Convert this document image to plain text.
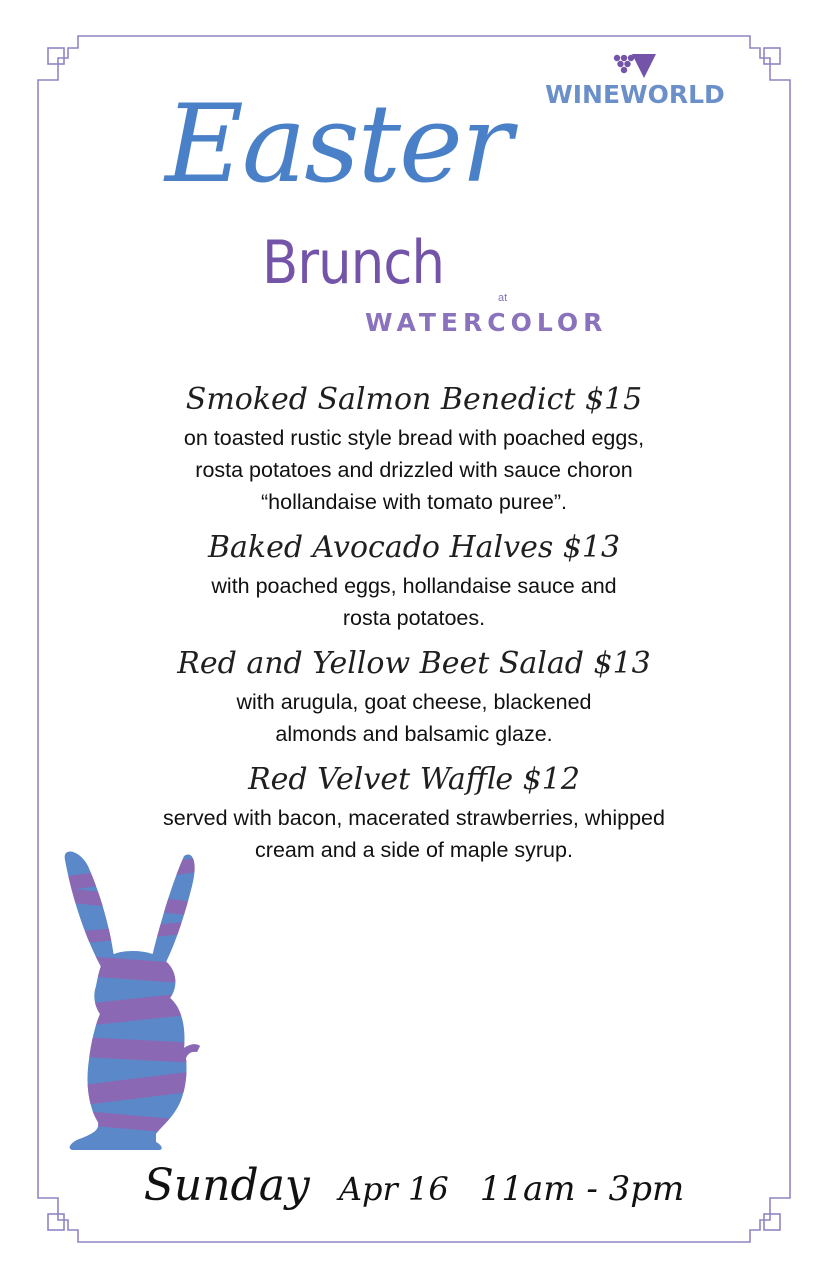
WINEWORLD
Easter
Brunch	at
WATERCOLOR

Smoked Salmon Benedict $15

on toasted rustic style bread with poached eggs,

rosta potatoes and drizzled with sauce choron

“hollandaise with tomato puree”.

Baked Avocado Halves $13

with poached eggs, hollandaise sauce and

rosta potatoes.

Red and Yellow Beet Salad $13

with arugula, goat cheese, blackened

almonds and balsamic glaze.

Red Velvet Waffle $12

served with bacon, macerated strawberries, whipped

cream and a side of maple syrup.

Sunday Apr 16 11am - 3pm
